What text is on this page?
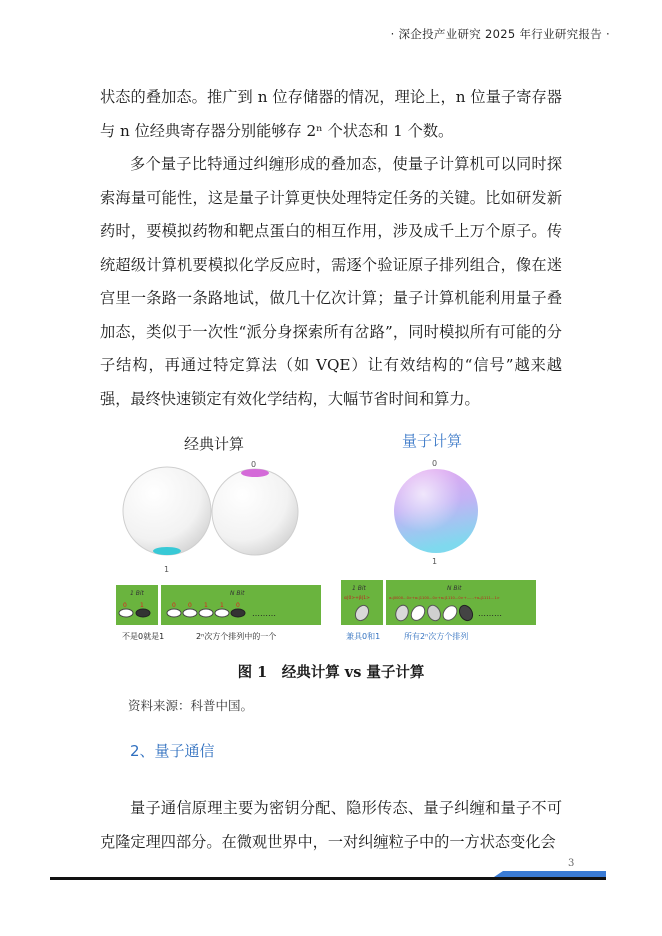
· 深企投产业研究 2025 年行业研究报告 ·

状态的叠加态。推广到 n 位存储器的情况，理论上，n 位量子寄存器与 n 位经典寄存器分别能够存 2ⁿ 个状态和 1 个数。

多个量子比特通过纠缠形成的叠加态，使量子计算机可以同时探索海量可能性，这是量子计算更快处理特定任务的关键。比如研发新药时，要模拟药物和靶点蛋白的相互作用，涉及成千上万个原子。传统超级计算机要模拟化学反应时，需逐个验证原子排列组合，像在迷宫里一条路一条路地试，做几十亿次计算；量子计算机能利用量子叠加态，类似于一次性“派分身探索所有岔路”，同时模拟所有可能的分子结构，再通过特定算法（如 VQE）让有效结构的“信号”越来越强，最终快速锁定有效化学结构，大幅节省时间和算力。

经典计算	量子计算
1
0	0
1
1 Bit	N Bit
………
0 1	0 0 1 1 0
不是0就是1	2ⁿ次方个排列中的一个
1 Bit	N Bit
α|0>+β|1>	a₀|0000…0>+a₁|1100…0>+a₂|1110…0>+……+aₙ|1111…1>
………
兼具0和1	所有2ⁿ次方个排列
图 1　经典计算 vs 量子计算
资料来源：科普中国。
2、量子通信

量子通信原理主要为密钥分配、隐形传态、量子纠缠和量子不可克隆定理四部分。在微观世界中，一对纠缠粒子中的一方状态变化会

3
